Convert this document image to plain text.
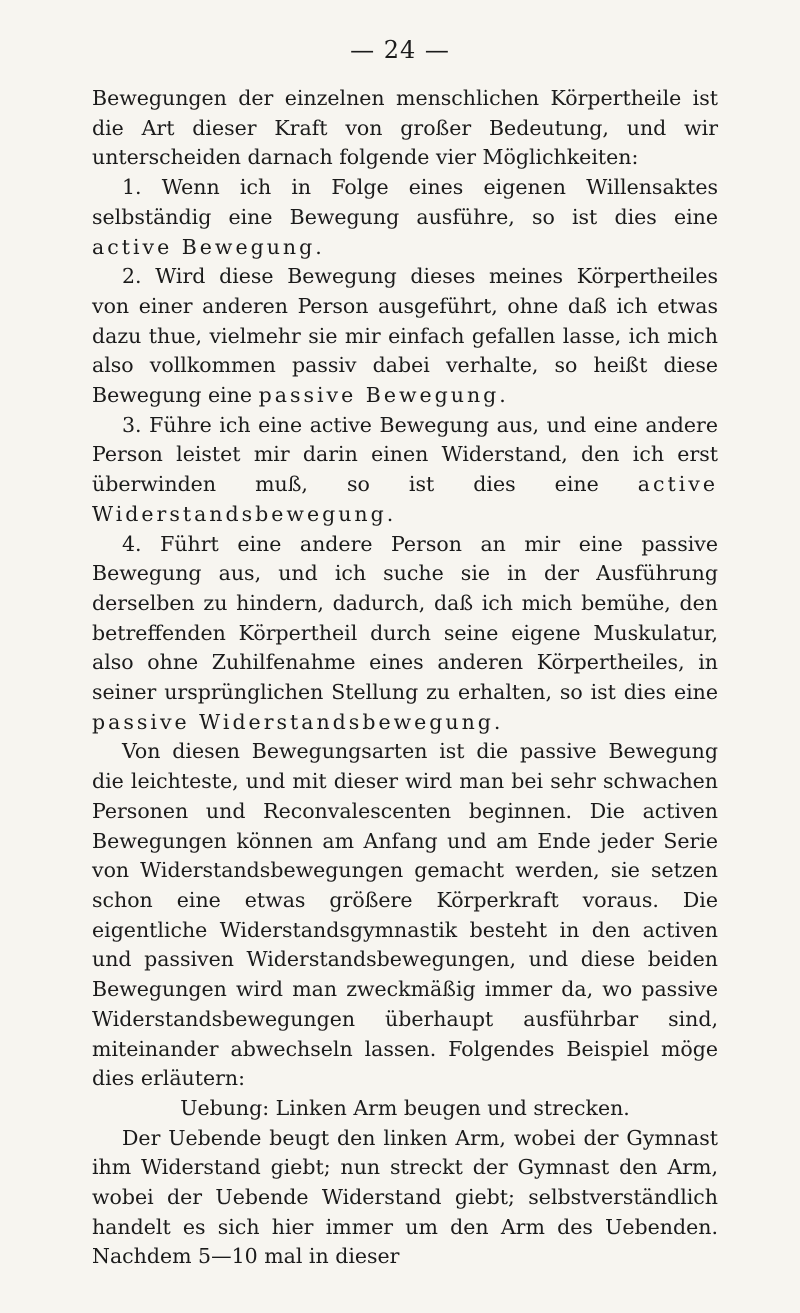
— 24 —

Bewegungen der einzelnen menschlichen Körpertheile ist die Art dieser Kraft von großer Bedeutung, und wir unterscheiden darnach folgende vier Möglichkeiten:

1. Wenn ich in Folge eines eigenen Willensaktes selbständig eine Bewegung ausführe, so ist dies eine active Bewegung.

2. Wird diese Bewegung dieses meines Körpertheiles von einer anderen Person ausgeführt, ohne daß ich etwas dazu thue, vielmehr sie mir einfach gefallen lasse, ich mich also vollkommen passiv dabei verhalte, so heißt diese Bewegung eine passive Bewegung.

3. Führe ich eine active Bewegung aus, und eine andere Person leistet mir darin einen Widerstand, den ich erst überwinden muß, so ist dies eine active Widerstandsbewegung.

4. Führt eine andere Person an mir eine passive Bewegung aus, und ich suche sie in der Ausführung derselben zu hindern, dadurch, daß ich mich bemühe, den betreffenden Körpertheil durch seine eigene Muskulatur, also ohne Zuhilfenahme eines anderen Körpertheiles, in seiner ursprünglichen Stellung zu erhalten, so ist dies eine passive Widerstandsbewegung.

Von diesen Bewegungsarten ist die passive Bewegung die leichteste, und mit dieser wird man bei sehr schwachen Personen und Reconvalescenten beginnen. Die activen Bewegungen können am Anfang und am Ende jeder Serie von Widerstandsbewegungen gemacht werden, sie setzen schon eine etwas größere Körperkraft voraus. Die eigentliche Widerstandsgymnastik besteht in den activen und passiven Widerstandsbewegungen, und diese beiden Bewegungen wird man zweckmäßig immer da, wo passive Widerstandsbewegungen überhaupt ausführbar sind, miteinander abwechseln lassen. Folgendes Beispiel möge dies erläutern:

Uebung: Linken Arm beugen und strecken.

Der Uebende beugt den linken Arm, wobei der Gymnast ihm Widerstand giebt; nun streckt der Gymnast den Arm, wobei der Uebende Widerstand giebt; selbstverständlich handelt es sich hier immer um den Arm des Uebenden. Nachdem 5—10 mal in dieser
